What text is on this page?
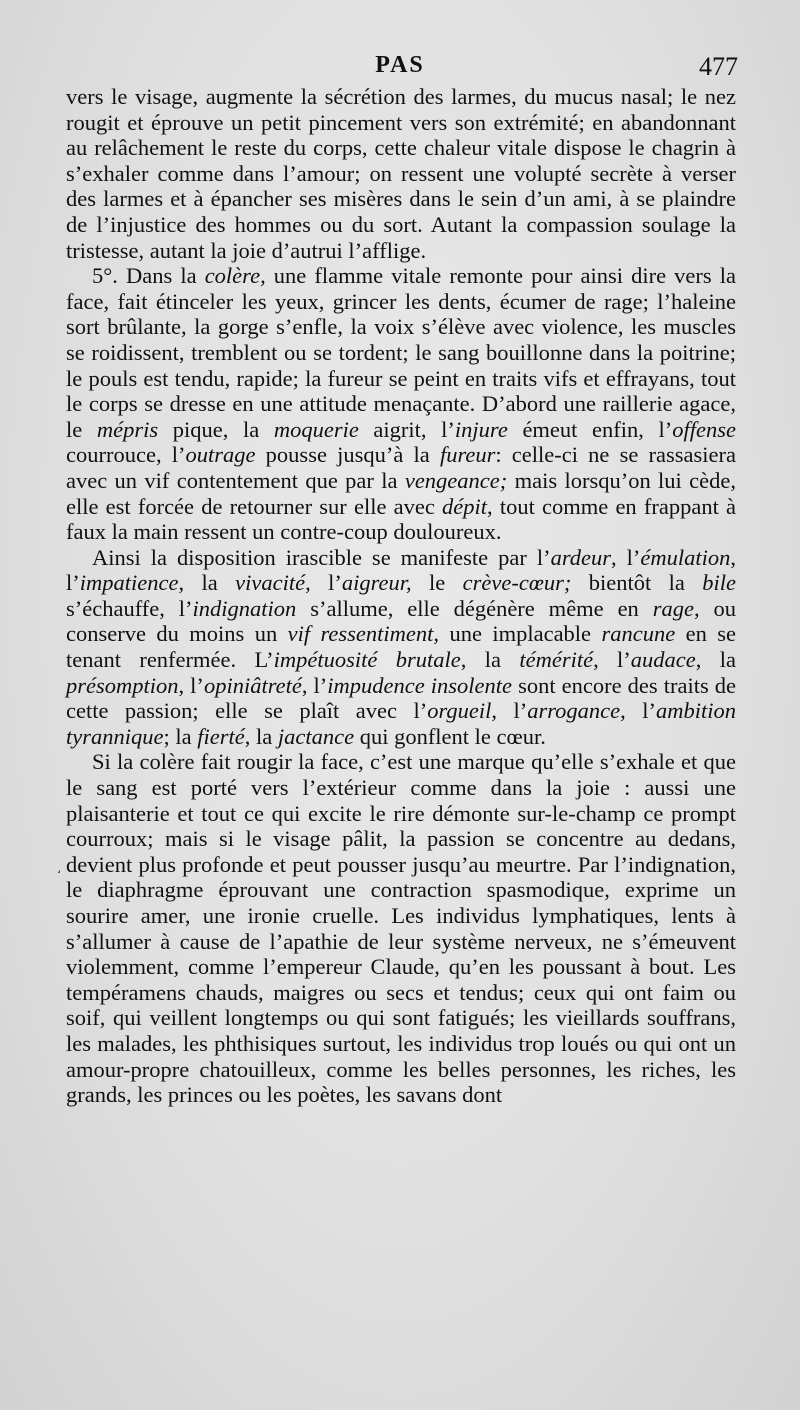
PAS	477
͵

vers le visage, augmente la sécrétion des larmes, du mucus nasal; le nez rougit et éprouve un petit pincement vers son extrémité; en abandonnant au relâchement le reste du corps, cette chaleur vitale dispose le chagrin à s’exhaler comme dans l’amour; on ressent une volupté secrète à verser des larmes et à épancher ses misères dans le sein d’un ami, à se plaindre de l’injustice des hommes ou du sort. Autant la compassion soulage la tristesse, autant la joie d’autrui l’afflige.

5°. Dans la colère, une flamme vitale remonte pour ainsi dire vers la face, fait étinceler les yeux, grincer les dents, écumer de rage; l’haleine sort brûlante, la gorge s’enfle, la voix s’élève avec violence, les muscles se roidissent, tremblent ou se tordent; le sang bouillonne dans la poitrine; le pouls est tendu, rapide; la fureur se peint en traits vifs et effrayans, tout le corps se dresse en une attitude menaçante. D’abord une raillerie agace, le mépris pique, la moquerie aigrit, l’injure émeut enfin, l’offense courrouce, l’outrage pousse jusqu’à la fureur: celle-ci ne se rassasiera avec un vif contentement que par la vengeance; mais lorsqu’on lui cède, elle est forcée de retourner sur elle avec dépit, tout comme en frappant à faux la main ressent un contre-coup douloureux.

Ainsi la disposition irascible se manifeste par l’ardeur, l’émulation, l’impatience, la vivacité, l’aigreur, le crève-cœur; bientôt la bile s’échauffe, l’indignation s’allume, elle dégénère même en rage, ou conserve du moins un vif ressentiment, une implacable rancune en se tenant renfermée. L’impétuosité brutale, la témérité, l’audace, la présomption, l’opiniâtreté, l’impudence insolente sont encore des traits de cette passion; elle se plaît avec l’orgueil, l’arrogance, l’ambition tyrannique; la fierté, la jactance qui gonflent le cœur.

Si la colère fait rougir la face, c’est une marque qu’elle s’exhale et que le sang est porté vers l’extérieur comme dans la joie : aussi une plaisanterie et tout ce qui excite le rire démonte sur-le-champ ce prompt courroux; mais si le visage pâlit, la passion se concentre au dedans, devient plus profonde et peut pousser jusqu’au meurtre. Par l’indignation, le diaphragme éprouvant une contraction spasmodique, exprime un sourire amer, une ironie cruelle. Les individus lymphatiques, lents à s’allumer à cause de l’apathie de leur système nerveux, ne s’émeuvent violemment, comme l’empereur Claude, qu’en les poussant à bout. Les tempéramens chauds, maigres ou secs et tendus; ceux qui ont faim ou soif, qui veillent longtemps ou qui sont fatigués; les vieillards souffrans, les malades, les phthisiques surtout, les individus trop loués ou qui ont un amour-propre chatouilleux, comme les belles personnes, les riches, les grands, les princes ou les poètes, les savans dont
